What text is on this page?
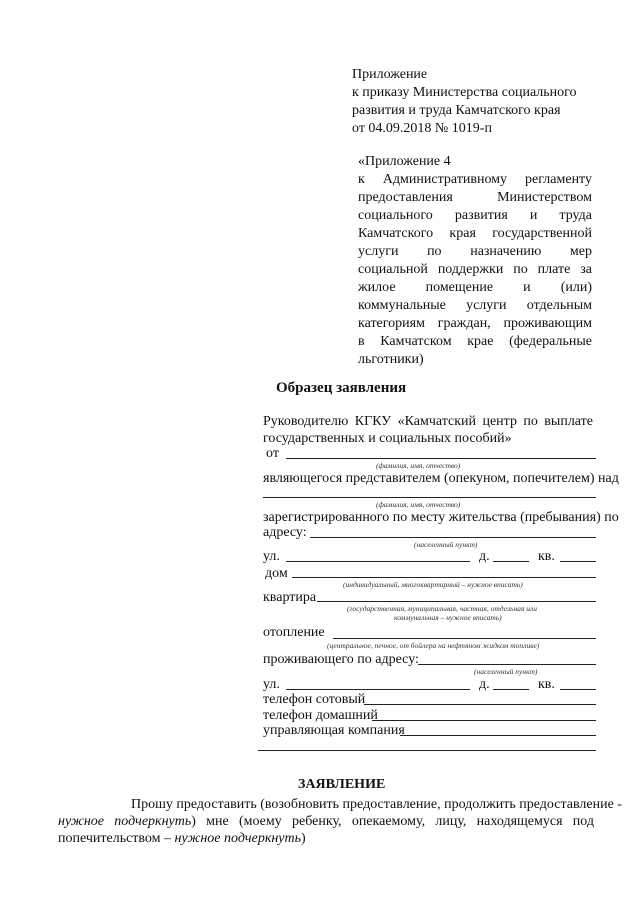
Приложение
к приказу Министерства социального
развития и труда Камчатского края
от 04.09.2018 № 1019-п
«Приложение 4
к Административному регламенту
предоставления Министерством
социального развития и труда
Камчатского края государственной
услуги по назначению мер
социальной поддержки по плате за
жилое помещение и (или)
коммунальные услуги отдельным
категориям граждан, проживающим
в Камчатском крае (федеральные
льготники)
Образец заявления
Руководителю КГКУ «Камчатский центр по выплате
государственных и социальных пособий»
от
(фамилия, имя, отчество)
являющегося представителем (опекуном, попечителем) над
(фамилия, имя, отчество)
зарегистрированного по месту жительства (пребывания) по
адресу:
(населенный пункт)
ул.	д.	кв.
дом
(индивидуальный, многоквартирный – нужное вписать)
квартира
(государственная, муниципальная, частная, отдельная или
коммунальная – нужное вписать)
отопление
(центральное, печное, от бойлера на нефтяном жидком топливе)
проживающего по адресу:
(населенный пункт)
ул.	д.	кв.
телефон сотовый
телефон домашний
управляющая компания
ЗАЯВЛЕНИЕ
Прошу предоставить (возобновить предоставление, продолжить предоставление -
нужное подчеркнуть) мне (моему ребенку, опекаемому, лицу, находящемуся под
попечительством – нужное подчеркнуть)
